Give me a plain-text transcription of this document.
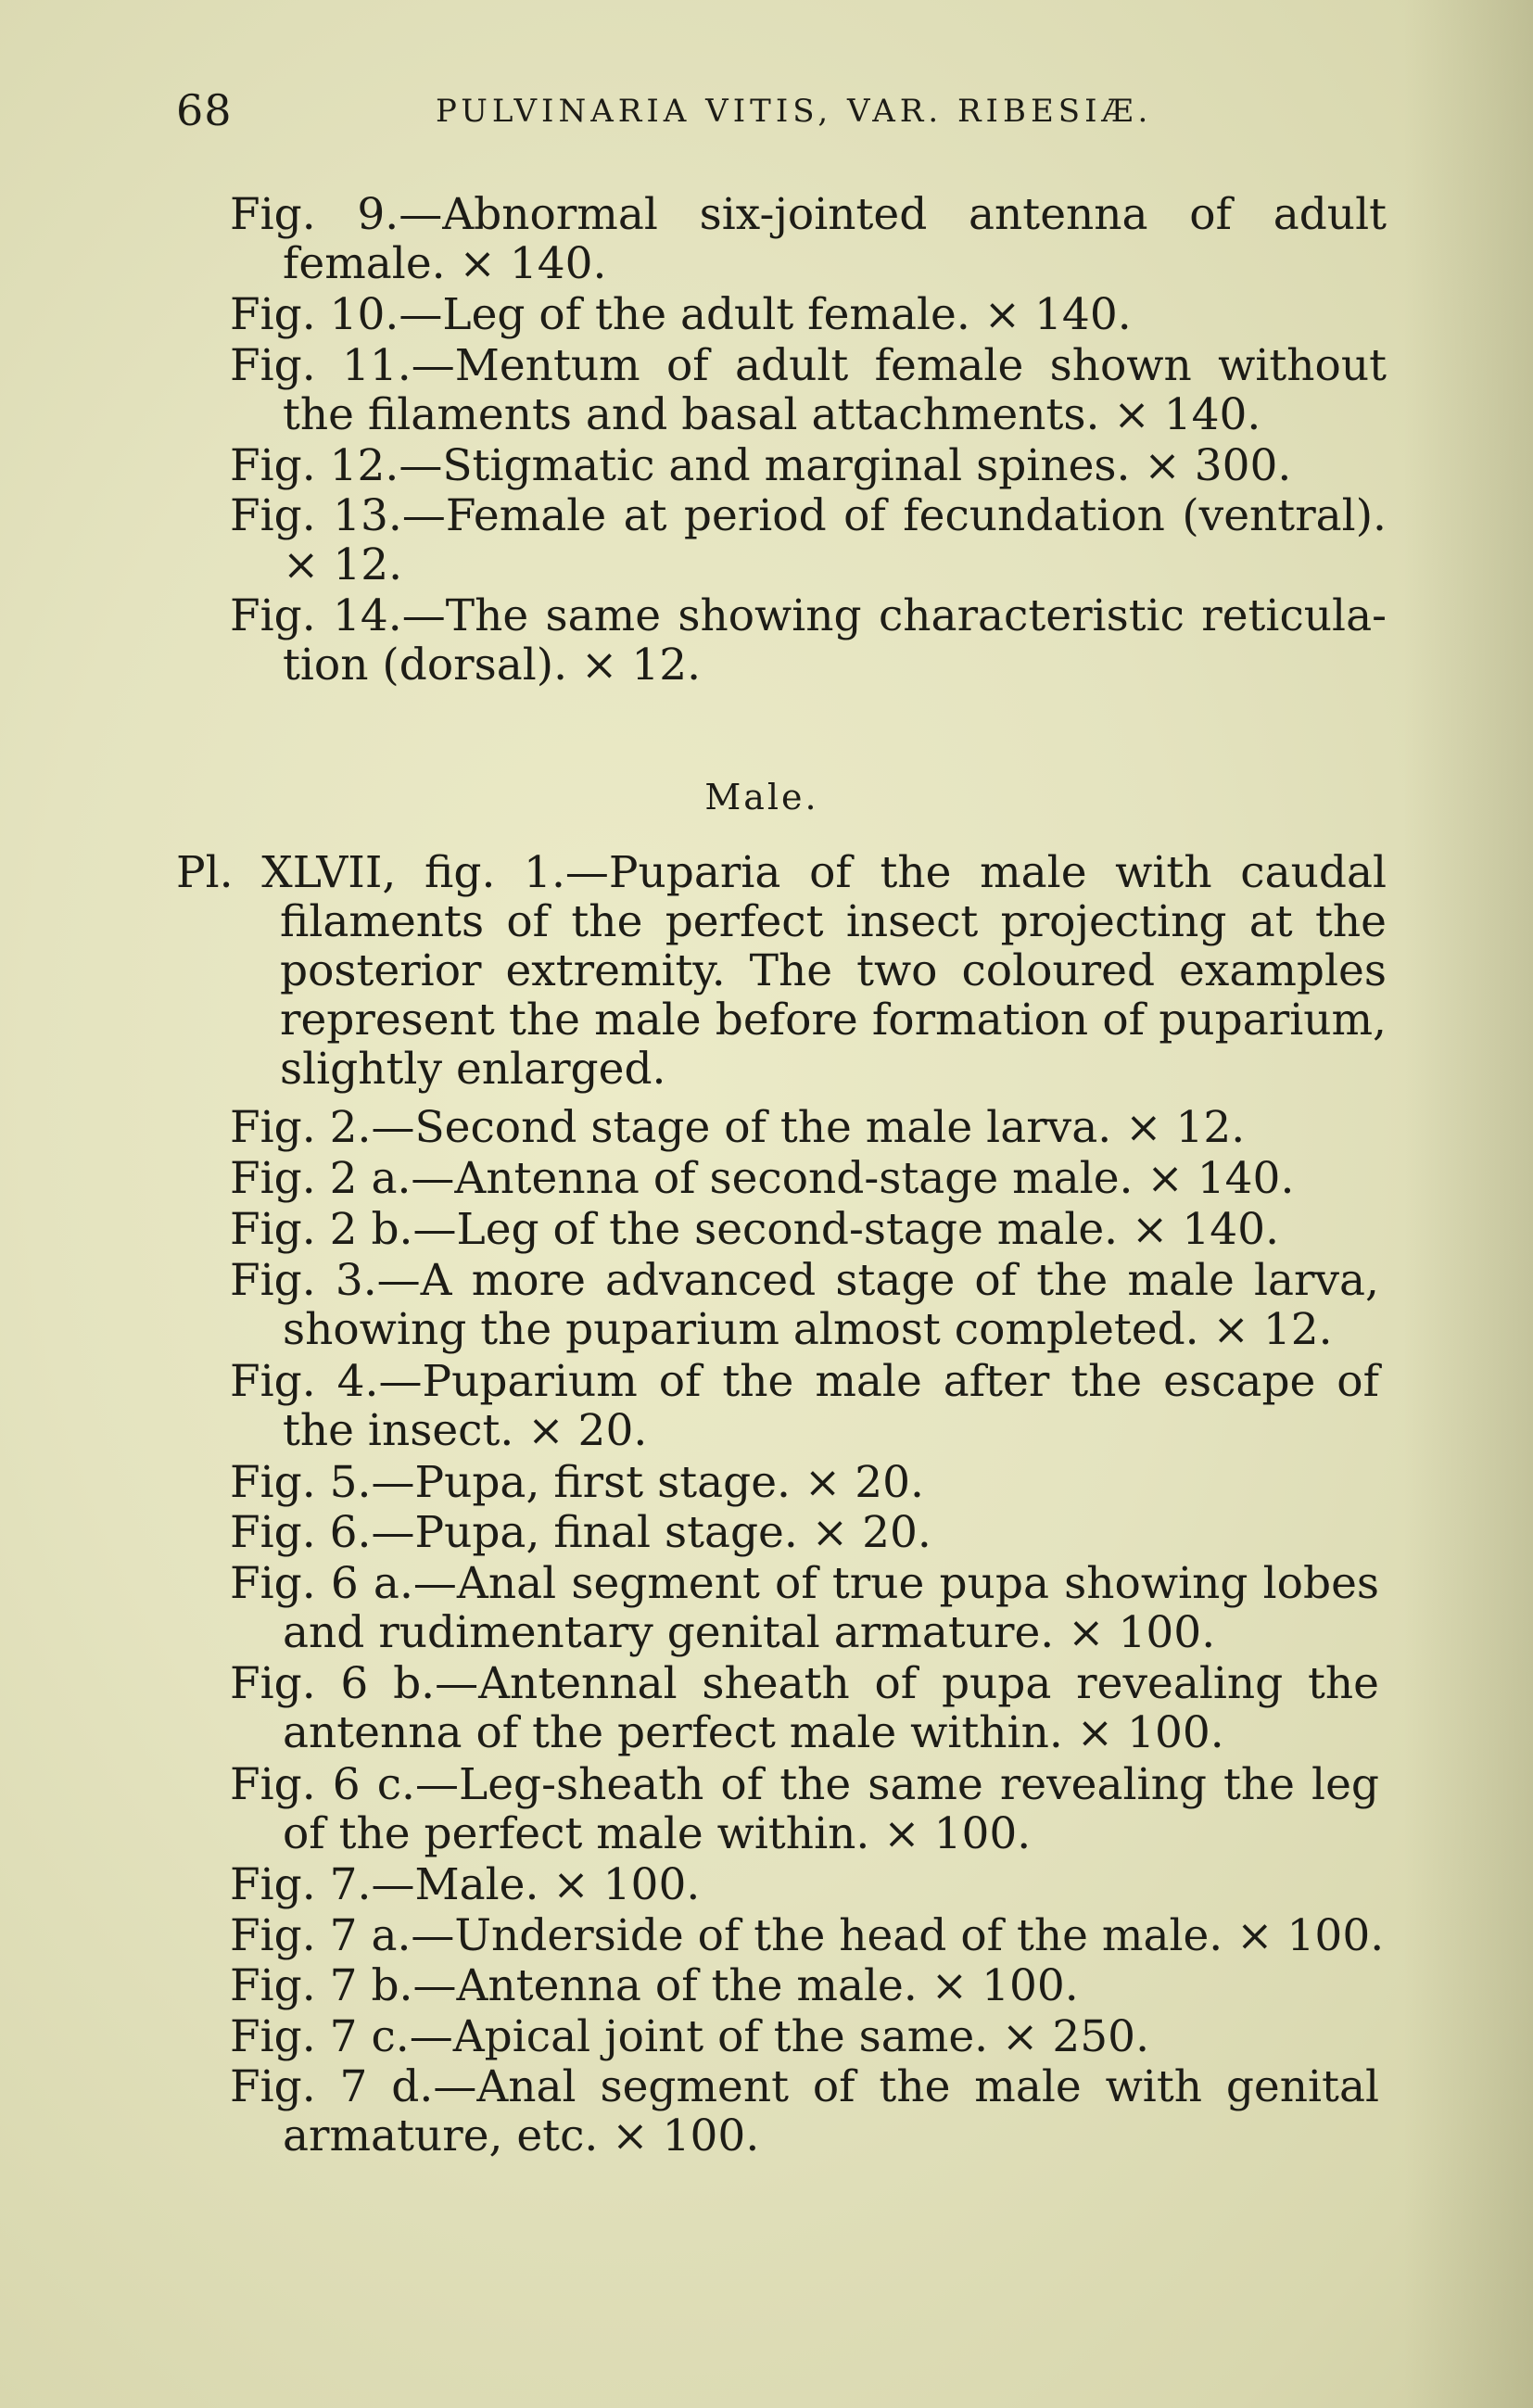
68	PULVINARIA VITIS, VAR. RIBESIÆ.
Fig. 9.—Abnormal six-jointed antenna of adult
female. × 140.
Fig. 10.—Leg of the adult female. × 140.
Fig. 11.—Mentum of adult female shown without
the filaments and basal attachments. × 140.
Fig. 12.—Stigmatic and marginal spines. × 300.
Fig. 13.—Female at period of fecundation (ventral).
× 12.
Fig. 14.—The same showing characteristic reticula-
tion (dorsal). × 12.
Male.
Pl. XLVII, fig. 1.—Puparia of the male with caudal
filaments of the perfect insect projecting at the
posterior extremity. The two coloured examples
represent the male before formation of puparium,
slightly enlarged.
Fig. 2.—Second stage of the male larva. × 12.
Fig. 2 a.—Antenna of second-stage male. × 140.
Fig. 2 b.—Leg of the second-stage male. × 140.
Fig. 3.—A more advanced stage of the male larva,
showing the puparium almost completed. × 12.
Fig. 4.—Puparium of the male after the escape of
the insect. × 20.
Fig. 5.—Pupa, first stage. × 20.
Fig. 6.—Pupa, final stage. × 20.
Fig. 6 a.—Anal segment of true pupa showing lobes
and rudimentary genital armature. × 100.
Fig. 6 b.—Antennal sheath of pupa revealing the
antenna of the perfect male within. × 100.
Fig. 6 c.—Leg-sheath of the same revealing the leg
of the perfect male within. × 100.
Fig. 7.—Male. × 100.
Fig. 7 a.—Underside of the head of the male. × 100.
Fig. 7 b.—Antenna of the male. × 100.
Fig. 7 c.—Apical joint of the same. × 250.
Fig. 7 d.—Anal segment of the male with genital
armature, etc. × 100.
